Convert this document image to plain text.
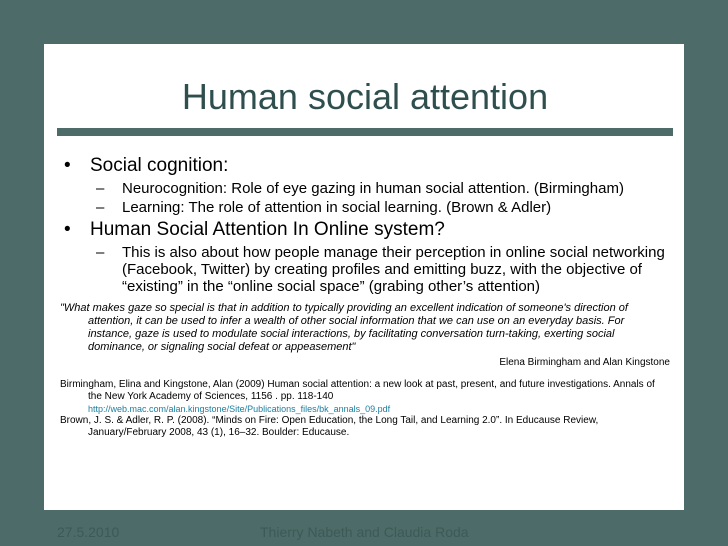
Human social attention
• Social cognition:
– Neurocognition: Role of eye gazing in human social attention. (Birmingham)
– Learning: The role of attention in social learning. (Brown & Adler)
• Human Social Attention In Online system?
– This is also about how people manage their perception in online social networking (Facebook, Twitter) by creating profiles and emitting buzz, with the objective of “existing” in the “online social space” (grabing other’s attention)
"What makes gaze so special is that in addition to typically providing an excellent indication of someone's direction of attention, it can be used to infer a wealth of other social information that we can use on an everyday basis. For instance, gaze is used to modulate social interactions, by facilitating conversation turn-taking, exerting social dominance, or signaling social defeat or appeasement"
Elena Birmingham and Alan Kingstone
Birmingham, Elina and Kingstone, Alan (2009) Human social attention: a new look at past, present, and future investigations. Annals of the New York Academy of Sciences, 1156 . pp. 118-140
http://web.mac.com/alan.kingstone/Site/Publications_files/bk_annals_09.pdf
Brown, J. S. & Adler, R. P. (2008). “Minds on Fire: Open Education, the Long Tail, and Learning 2.0”. In Educause Review, January/February 2008, 43 (1), 16–32. Boulder: Educause.
27.5.2010	Thierry Nabeth and Claudia Roda
